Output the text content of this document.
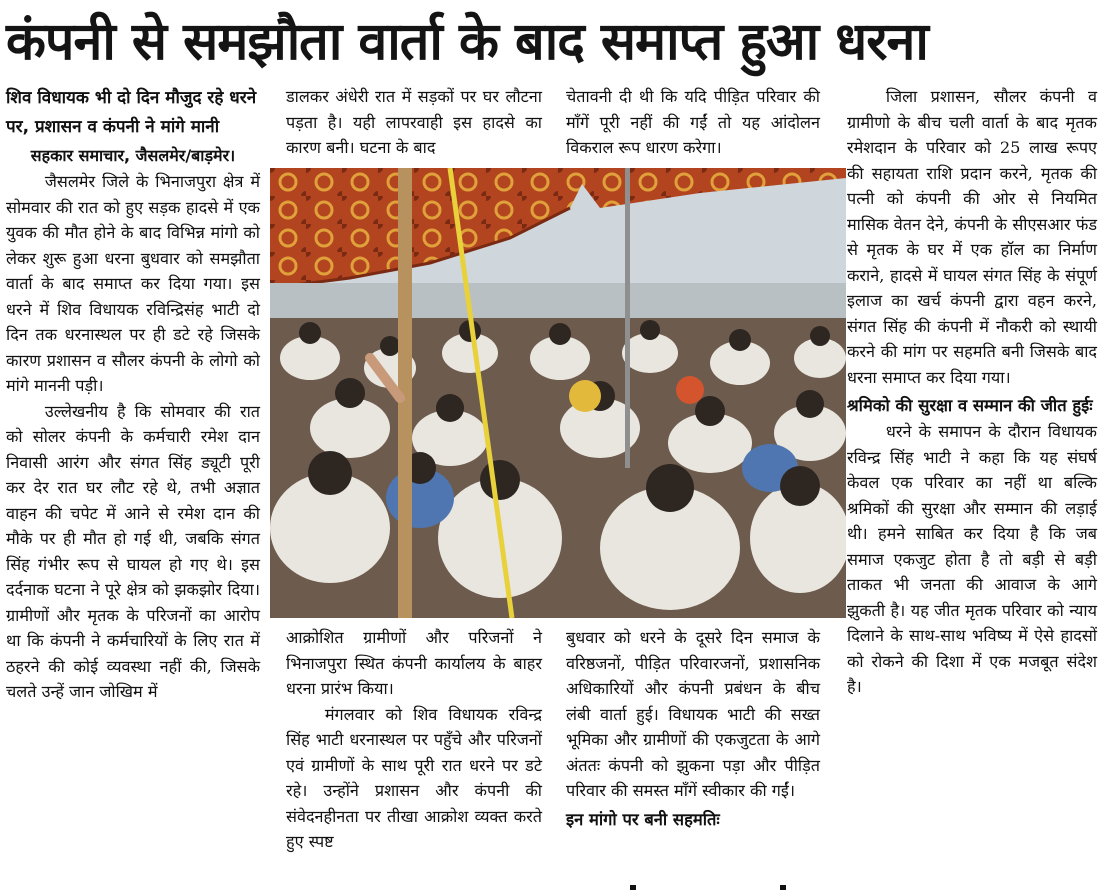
कंपनी से समझौता वार्ता के बाद समाप्त हुआ धरना
शिव विधायक भी दो दिन मौजुद रहे धरने पर, प्रशासन व कंपनी ने मांगे मानी
सहकार समाचार, जैसलमेर/बाड़मेर।

जैसलमेर जिले के भिनाजपुरा क्षेत्र में सोमवार की रात को हुए सड़क हादसे में एक युवक की मौत होने के बाद विभिन्न मांगो को लेकर शुरू हुआ धरना बुधवार को समझौता वार्ता के बाद समाप्त कर दिया गया। इस धरने में शिव विधायक रविन्द्रिसंह भाटी दो दिन तक धरनास्थल पर ही डटे रहे जिसके कारण प्रशासन व सौलर कंपनी के लोगो को मांगे माननी पड़ी।

उल्लेखनीय है कि सोमवार की रात को सोलर कंपनी के कर्मचारी रमेश दान निवासी आरंग और संगत सिंह ड्यूटी पूरी कर देर रात घर लौट रहे थे, तभी अज्ञात वाहन की चपेट में आने से रमेश दान की मौके पर ही मौत हो गई थी, जबकि संगत सिंह गंभीर रूप से घायल हो गए थे। इस दर्दनाक घटना ने पूरे क्षेत्र को झकझोर दिया। ग्रामीणों और मृतक के परिजनों का आरोप था कि कंपनी ने कर्मचारियों के लिए रात में ठहरने की कोई व्यवस्था नहीं की, जिसके चलते उन्हें जान जोखिम में

डालकर अंधेरी रात में सड़कों पर घर लौटना पड़ता है। यही लापरवाही इस हादसे का कारण बनी। घटना के बाद

चेतावनी दी थी कि यदि पीड़ित परिवार की माँगें पूरी नहीं की गईं तो यह आंदोलन विकराल रूप धारण करेगा।

जिला प्रशासन, सौलर कंपनी व ग्रामीणो के बीच चली वार्ता के बाद मृतक रमेशदान के परिवार को 25 लाख रूपए की सहायता राशि प्रदान करने, मृतक की पत्नी को कंपनी की ओर से नियमित मासिक वेतन देने, कंपनी के सीएसआर फंड से मृतक के घर में एक हॉल का निर्माण कराने, हादसे में घायल संगत सिंह के संपूर्ण इलाज का खर्च कंपनी द्वारा वहन करने, संगत सिंह की कंपनी में नौकरी को स्थायी करने की मांग पर सहमति बनी जिसके बाद धरना समाप्त कर दिया गया।

श्रमिको की सुरक्षा व सम्मान की जीत हुईः

धरने के समापन के दौरान विधायक रविन्द्र सिंह भाटी ने कहा कि यह संघर्ष केवल एक परिवार का नहीं था बल्कि श्रमिकों की सुरक्षा और सम्मान की लड़ाई थी। हमने साबित कर दिया है कि जब समाज एकजुट होता है तो बड़ी से बड़ी ताकत भी जनता की आवाज के आगे झुकती है। यह जीत मृतक परिवार को न्याय दिलाने के साथ-साथ भविष्य में ऐसे हादसों को रोकने की दिशा में एक मजबूत संदेश है।

आक्रोशित ग्रामीणों और परिजनों ने भिनाजपुरा स्थित कंपनी कार्यालय के बाहर धरना प्रारंभ किया।

मंगलवार को शिव विधायक रविन्द्र सिंह भाटी धरनास्थल पर पहुँचे और परिजनों एवं ग्रामीणों के साथ पूरी रात धरने पर डटे रहे। उन्होंने प्रशासन और कंपनी की संवेदनहीनता पर तीखा आक्रोश व्यक्त करते हुए स्पष्ट

बुधवार को धरने के दूसरे दिन समाज के वरिष्ठजनों, पीड़ित परिवारजनों, प्रशासनिक अधिकारियों और कंपनी प्रबंधन के बीच लंबी वार्ता हुई। विधायक भाटी की सख्त भूमिका और ग्रामीणों की एकजुटता के आगे अंततः कंपनी को झुकना पड़ा और पीड़ित परिवार की समस्त माँगें स्वीकार की गईं।

इन मांगो पर बनी सहमतिः
